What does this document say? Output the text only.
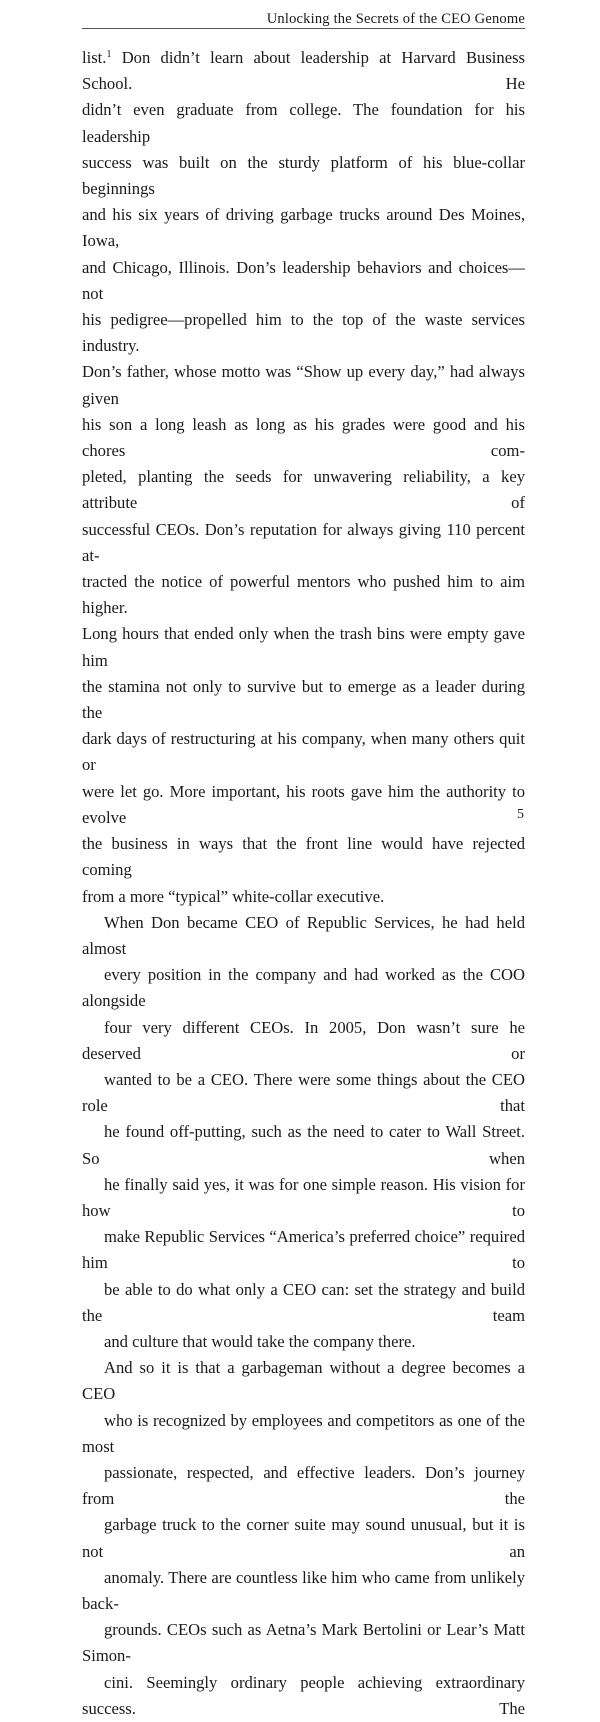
Unlocking the Secrets of the CEO Genome

list.$^1$ Don didn’t learn about leadership at Harvard Business School. He
didn’t even graduate from college. The foundation for his leadership
success was built on the sturdy platform of his blue-collar beginnings
and his six years of driving garbage trucks around Des Moines, Iowa,
and Chicago, Illinois. Don’s leadership behaviors and choices—not
his pedigree—propelled him to the top of the waste services industry.
Don’s father, whose motto was “Show up every day,” had always given
his son a long leash as long as his grades were good and his chores com-
pleted, planting the seeds for unwavering reliability, a key attribute of
successful CEOs. Don’s reputation for always giving 110 percent at-
tracted the notice of powerful mentors who pushed him to aim higher.
Long hours that ended only when the trash bins were empty gave him
the stamina not only to survive but to emerge as a leader during the
dark days of restructuring at his company, when many others quit or
were let go. More important, his roots gave him the authority to evolve
the business in ways that the front line would have rejected coming
from a more “typical” white-collar executive.

When Don became CEO of Republic Services, he had held almost
every position in the company and had worked as the COO alongside
four very different CEOs. In 2005, Don wasn’t sure he deserved or
wanted to be a CEO. There were some things about the CEO role that
he found off-putting, such as the need to cater to Wall Street. So when
he finally said yes, it was for one simple reason. His vision for how to
make Republic Services “America’s preferred choice” required him to
be able to do what only a CEO can: set the strategy and build the team
and culture that would take the company there.

And so it is that a garbageman without a degree becomes a CEO
who is recognized by employees and competitors as one of the most
passionate, respected, and effective leaders. Don’s journey from the
garbage truck to the corner suite may sound unusual, but it is not an
anomaly. There are countless like him who came from unlikely back-
grounds. CEOs such as Aetna’s Mark Bertolini or Lear’s Matt Simon-
cini. Seemingly ordinary people achieving extraordinary success. The

5
